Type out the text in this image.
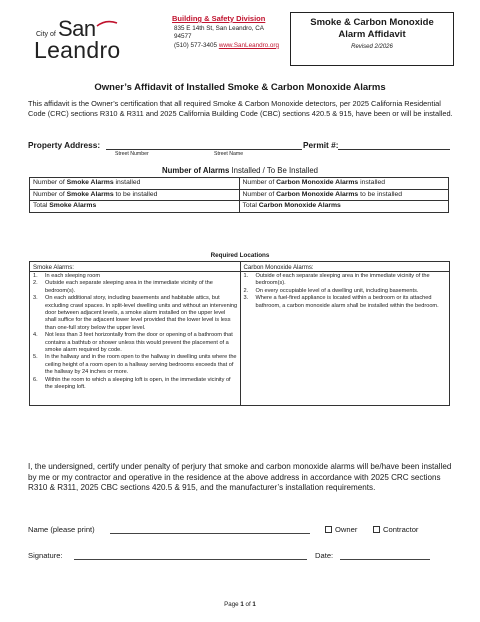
City of San
Leandro
Building & Safety Division
835 E 14th St, San Leandro, CA 94577
(510) 577-3405 www.SanLeandro.org
Smoke & Carbon Monoxide
Alarm Affidavit
Revised 2/2026
Owner’s Affidavit of Installed Smoke & Carbon Monoxide Alarms
This affidavit is the Owner’s certification that all required Smoke & Carbon Monoxide detectors, per 2025 California Residential Code (CRC) sections R310 & R311 and 2025 California Building Code (CBC) sections 420.5 & 915, have been or will be installed.
Property Address:
Street Number	Street Name
Permit #:
Number of Alarms Installed / To Be Installed
Number of Smoke Alarms installed	Number of Carbon Monoxide Alarms installed
Number of Smoke Alarms to be installed	Number of Carbon Monoxide Alarms to be installed
Total Smoke Alarms	Total Carbon Monoxide Alarms
Required Locations
Smoke Alarms:
1. In each sleeping room
2. Outside each separate sleeping area in the immediate vicinity of the bedroom(s).
3. On each additional story, including basements and habitable attics, but excluding crawl spaces. In split-level dwelling units and without an intervening door between adjacent levels, a smoke alarm installed on the upper level shall suffice for the adjacent lower level provided that the lower level is less than one-full story below the upper level.
4. Not less than 3 feet horizontally from the door or opening of a bathroom that contains a bathtub or shower unless this would prevent the placement of a smoke alarm required by code.
5. In the hallway and in the room open to the hallway in dwelling units where the ceiling height of a room open to a hallway serving bedrooms exceeds that of the hallway by 24 inches or more.
6. Within the room to which a sleeping loft is open, in the immediate vicinity of the sleeping loft.
Carbon Monoxide Alarms:
1. Outside of each separate sleeping area in the immediate vicinity of the bedroom(s).
2. On every occupiable level of a dwelling unit, including basements.
3. Where a fuel-fired appliance is located within a bedroom or its attached bathroom, a carbon monoxide alarm shall be installed within the bedroom.
I, the undersigned, certify under penalty of perjury that smoke and carbon monoxide alarms will be/have been installed by me or my contractor and operative in the residence at the above address in accordance with 2025 CRC sections R310 & R311, 2025 CBC sections 420.5 & 915, and the manufacturer’s installation requirements.
Name (please print)	Owner	Contractor
Signature:	Date:
Page 1 of 1
